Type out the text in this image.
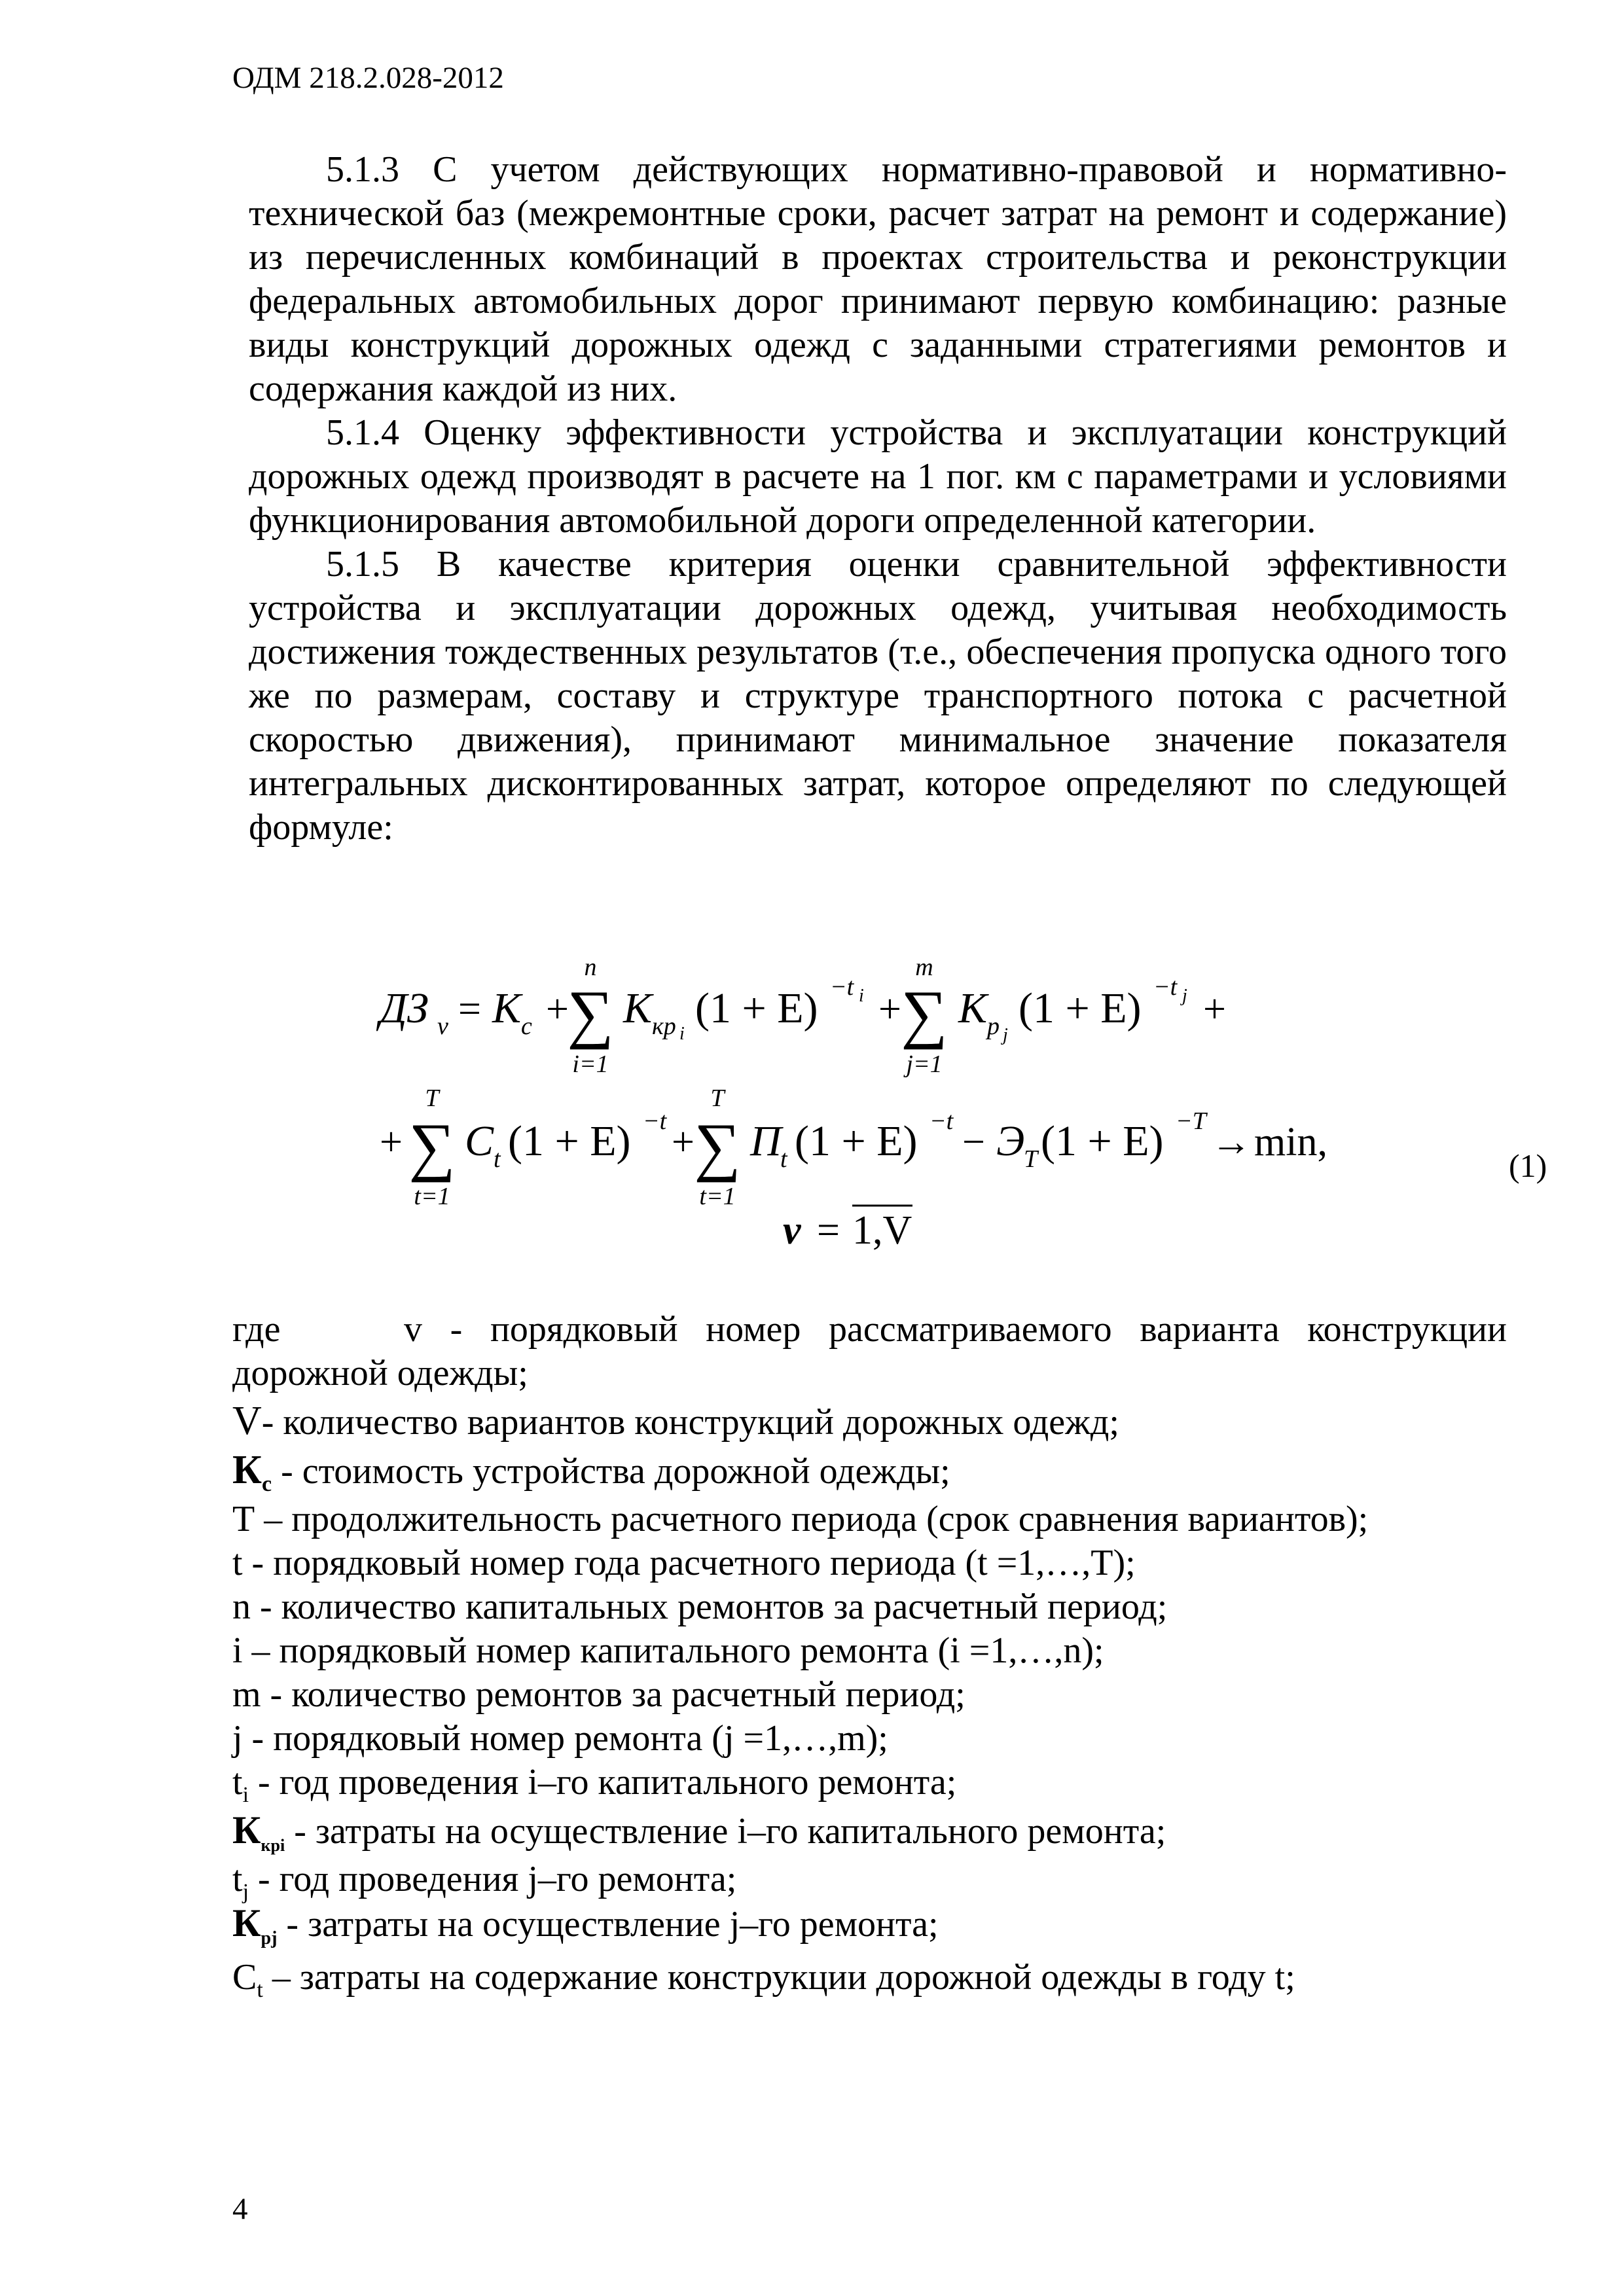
ОДМ 218.2.028-2012

5.1.3 С учетом действующих нормативно-правовой и нормативно-технической баз (межремонтные сроки, расчет затрат на ремонт и содержание) из перечисленных комбинаций в проектах строительства и реконструкции федеральных автомобильных дорог принимают первую комбинацию: разные виды конструкций дорожных одежд с заданными стратегиями ремонтов и содержания каждой из них.

5.1.4 Оценку эффективности устройства и эксплуатации конструкций дорожных одежд производят в расчете на 1 пог. км с параметрами и условиями функционирования автомобильной дороги определенной категории.

5.1.5 В качестве критерия оценки сравнительной эффективности устройства и эксплуатации дорожных одежд, учитывая необходимость достижения тождественных результатов (т.е., обеспечения пропуска одного того же по размерам, составу и структуре транспортного потока с расчетной скоростью движения), принимают минимальное значение показателя интегральных дисконтированных затрат, которое определяют по следующей формуле:

ДЗ v = К c +
n
∑
i=1
К кр i
(1 + E) −t i +
m
∑
j=1
К p j
(1 + E) −t j +
+
T
∑
t=1
C t (1 + E) −t +
T
∑
t=1
П
t (1 + E) −t − Э
T (1 + E) −T → min,
v = 1,V
(1)

где	v - порядковый номер рассматриваемого варианта конструкции дорожной одежды;

V- количество вариантов конструкций дорожных одежд;

$К_с$ - стоимость устройства дорожной одежды;

Т – продолжительность расчетного периода (срок сравнения вариантов);

t - порядковый номер года расчетного периода (t =1,…,T);

n - количество капитальных ремонтов за расчетный период;

i – порядковый номер капитального ремонта (i =1,…,n);

m - количество ремонтов за расчетный период;

j - порядковый номер ремонта (j =1,…,m);

$t_i$ - год проведения i–го капитального ремонта;

$К_{крi}$ - затраты на осуществление i–го капитального ремонта;

$t_j$ - год проведения j–го ремонта;

$К_{рj}$ - затраты на осуществление j–го ремонта;

$C_t$ – затраты на содержание конструкции дорожной одежды в году t;

4
